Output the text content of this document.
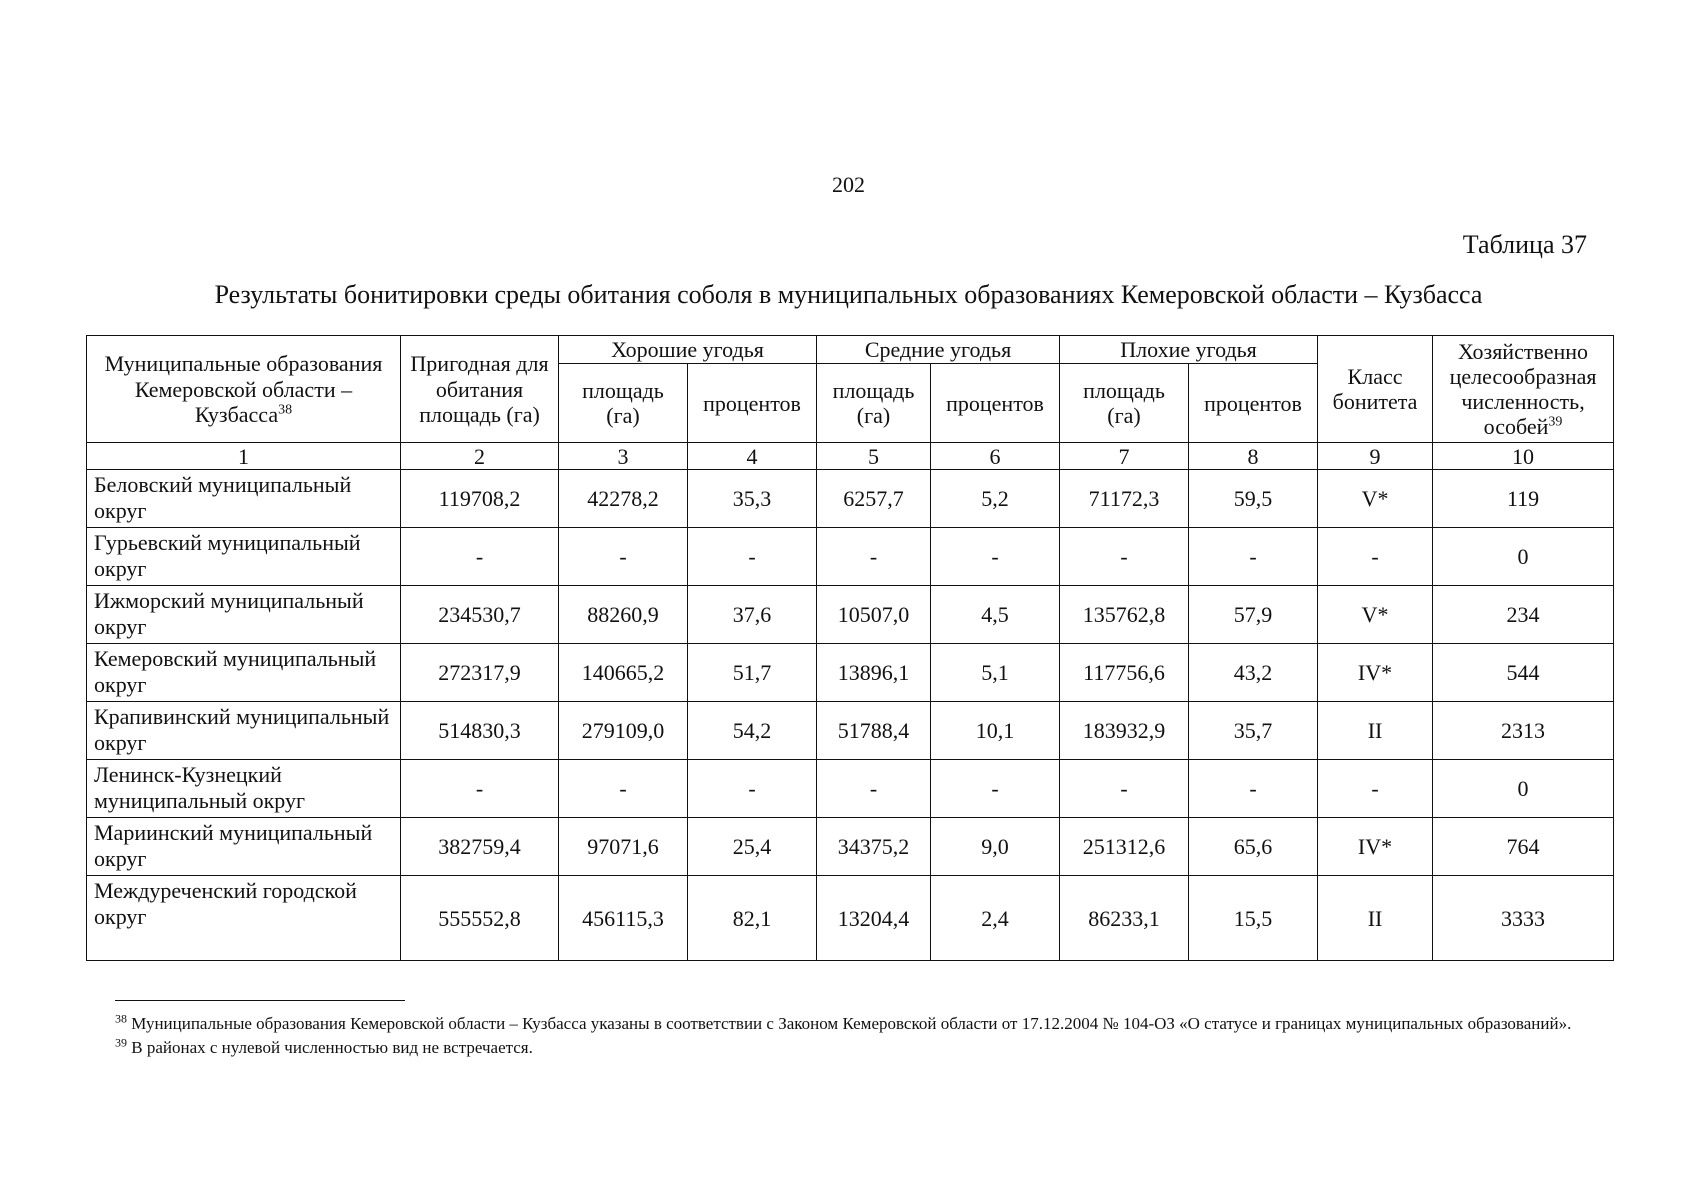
202
Таблица 37
Результаты бонитировки среды обитания соболя в муниципальных образованиях Кемеровской области – Кузбасса
Муниципальные образования Кемеровской области – Кузбасса$^{38}$	Пригодная для обитания площадь (га)	Хорошие угодья		Средние угодья		Плохие угодья		Класс бонитета	Хозяйственно целесообразная численность, особей$^{39}$
		площадь (га)	процентов	площадь (га)	процентов	площадь (га)	процентов		
1	2	3	4	5	6	7	8	9	10
Беловский муниципальный округ	119708,2	42278,2	35,3	6257,7	5,2	71172,3	59,5	V*	119
Гурьевский муниципальный округ	-	-	-	-	-	-	-	-	0
Ижморский муниципальный округ	234530,7	88260,9	37,6	10507,0	4,5	135762,8	57,9	V*	234
Кемеровский муниципальный округ	272317,9	140665,2	51,7	13896,1	5,1	117756,6	43,2	IV*	544
Крапивинский муниципальный округ	514830,3	279109,0	54,2	51788,4	10,1	183932,9	35,7	II	2313
Ленинск-Кузнецкий муниципальный округ	-	-	-	-	-	-	-	-	0
Мариинский муниципальный округ	382759,4	97071,6	25,4	34375,2	9,0	251312,6	65,6	IV*	764
Междуреченский городской округ	555552,8	456115,3	82,1	13204,4	2,4	86233,1	15,5	II	3333

$^{38}$ Муниципальные образования Кемеровской области – Кузбасса указаны в соответствии с Законом Кемеровской области от 17.12.2004 № 104-ОЗ «О статусе и границах муниципальных образований».

$^{39}$ В районах с нулевой численностью вид не встречается.
